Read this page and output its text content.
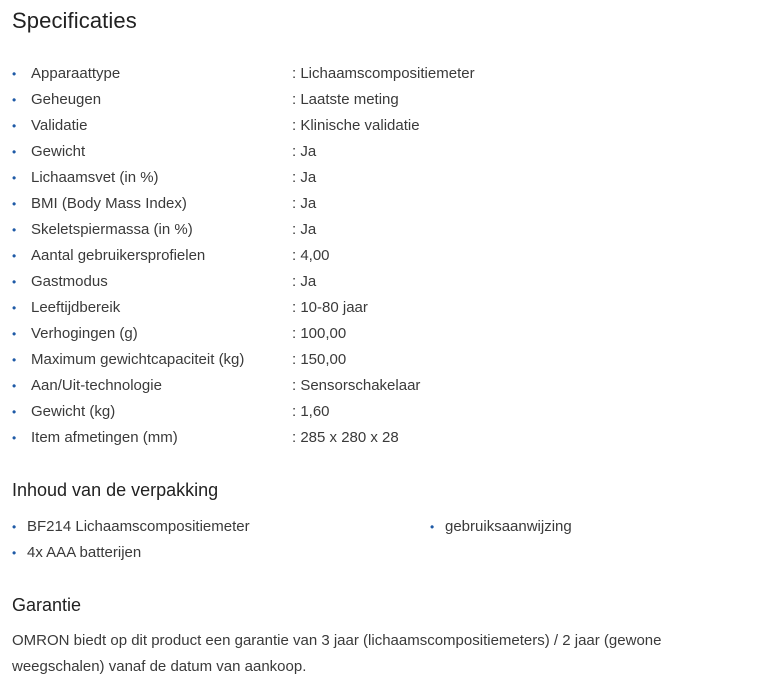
Specificaties
• Apparaattype	: Lichaamscompositiemeter
• Geheugen	: Laatste meting
• Validatie	: Klinische validatie
• Gewicht	: Ja
• Lichaamsvet (in %)	: Ja
• BMI (Body Mass Index)	: Ja
• Skeletspiermassa (in %)	: Ja
• Aantal gebruikersprofielen	: 4,00
• Gastmodus	: Ja
• Leeftijdbereik	: 10-80 jaar
• Verhogingen (g)	: 100,00
• Maximum gewichtcapaciteit (kg)	: 150,00
• Aan/Uit-technologie	: Sensorschakelaar
• Gewicht (kg)	: 1,60
• Item afmetingen (mm)	: 285 x 280 x 28
Inhoud van de verpakking
• BF214 Lichaamscompositiemeter
• 4x AAA batterijen
• gebruiksaanwijzing
Garantie

OMRON biedt op dit product een garantie van 3 jaar (lichaamscompositiemeters) / 2 jaar (gewone weegschalen) vanaf de datum van aankoop.
